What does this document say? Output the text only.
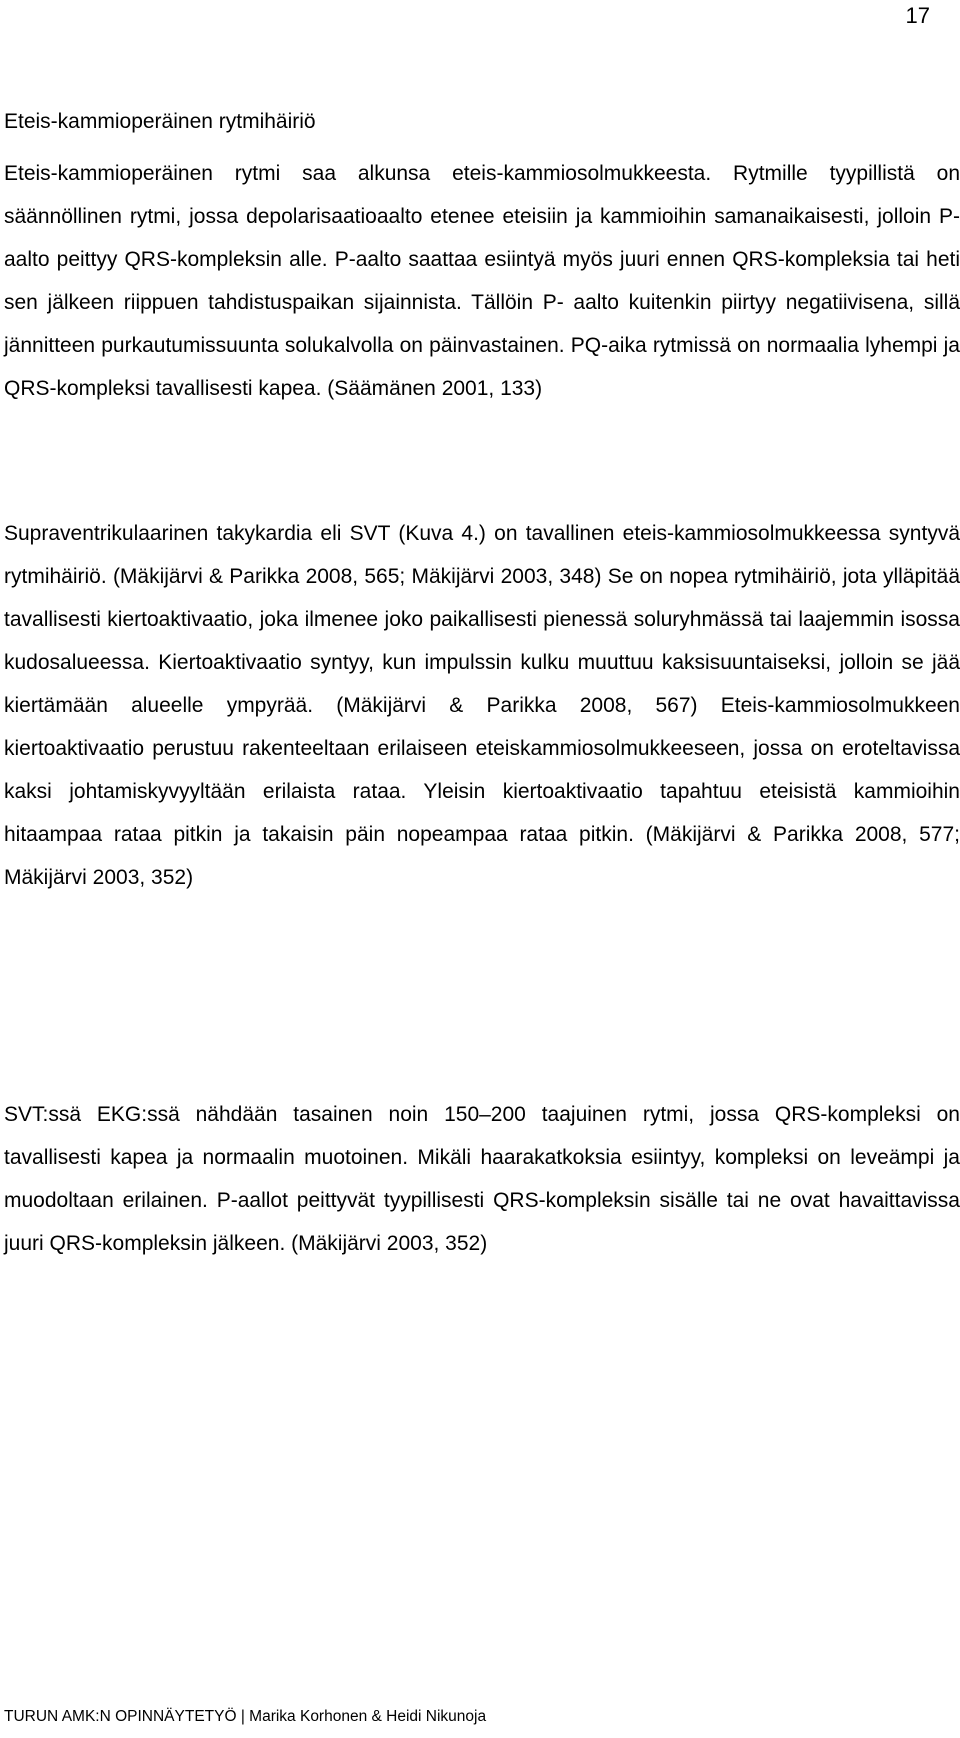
17
Eteis-kammioperäinen rytmihäiriö

Eteis-kammioperäinen rytmi saa alkunsa eteis-kammiosolmukkeesta. Rytmille tyypillistä on säännöllinen rytmi, jossa depolarisaatioaalto etenee eteisiin ja kammioihin samanaikaisesti, jolloin P-aalto peittyy QRS-kompleksin alle. P-aalto saattaa esiintyä myös juuri ennen QRS-kompleksia tai heti sen jälkeen riippuen tahdistuspaikan sijainnista. Tällöin P- aalto kuitenkin piirtyy negatiivisena, sillä jännitteen purkautumissuunta solukalvolla on päinvastainen. PQ-aika rytmissä on normaalia lyhempi ja QRS-kompleksi tavallisesti kapea. (Säämänen 2001, 133)

Supraventrikulaarinen takykardia eli SVT (Kuva 4.) on tavallinen eteis-kammiosolmukkeessa syntyvä rytmihäiriö. (Mäkijärvi & Parikka 2008, 565; Mäkijärvi 2003, 348) Se on nopea rytmihäiriö, jota ylläpitää tavallisesti kiertoaktivaatio, joka ilmenee joko paikallisesti pienessä soluryhmässä tai laajemmin isossa kudosalueessa. Kiertoaktivaatio syntyy, kun impulssin kulku muuttuu kaksisuuntaiseksi, jolloin se jää kiertämään alueelle ympyrää. (Mäkijärvi & Parikka 2008, 567) Eteis-kammiosolmukkeen kiertoaktivaatio perustuu rakenteeltaan erilaiseen eteiskammiosolmukkeeseen, jossa on eroteltavissa kaksi johtamiskyvyyltään erilaista rataa. Yleisin kiertoaktivaatio tapahtuu eteisistä kammioihin hitaampaa rataa pitkin ja takaisin päin nopeampaa rataa pitkin. (Mäkijärvi & Parikka 2008, 577; Mäkijärvi 2003, 352)

SVT:ssä EKG:ssä nähdään tasainen noin 150–200 taajuinen rytmi, jossa QRS-kompleksi on tavallisesti kapea ja normaalin muotoinen. Mikäli haarakatkoksia esiintyy, kompleksi on leveämpi ja muodoltaan erilainen. P-aallot peittyvät tyypillisesti QRS-kompleksin sisälle tai ne ovat havaittavissa juuri QRS-kompleksin jälkeen. (Mäkijärvi 2003, 352)

TURUN AMK:N OPINNÄYTETYÖ | Marika Korhonen & Heidi Nikunoja
